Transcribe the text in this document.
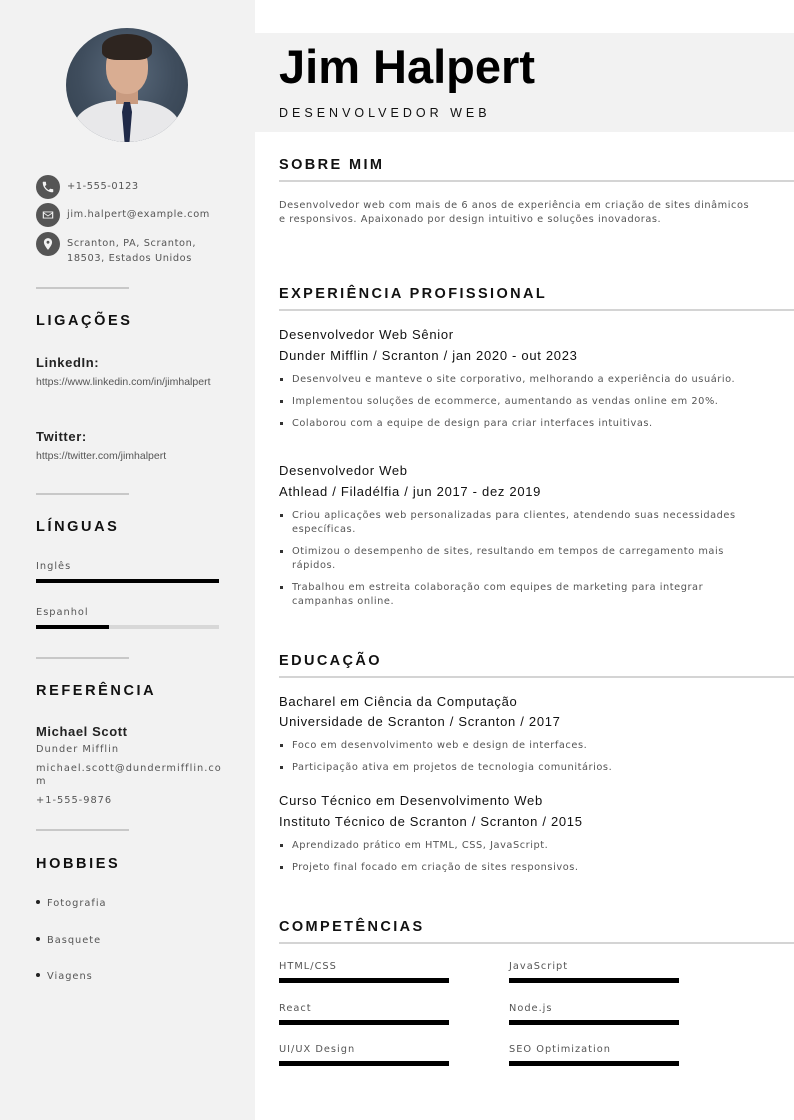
+1-555-0123
jim.halpert@example.com
Scranton, PA, Scranton, 18503, Estados Unidos
LIGAÇÕES
LinkedIn:
https://www.linkedin.com/in/jimhalpert
Twitter:
https://twitter.com/jimhalpert
LÍNGUAS
Inglês
Espanhol
REFERÊNCIA
Michael Scott
Dunder Mifflin
michael.scott@dundermifflin.com
+1-555-9876
HOBBIES
Fotografia
Basquete
Viagens
Jim Halpert
DESENVOLVEDOR WEB
SOBRE MIM

Desenvolvedor web com mais de 6 anos de experiência em criação de sites dinâmicos e responsivos. Apaixonado por design intuitivo e soluções inovadoras.

EXPERIÊNCIA PROFISSIONAL
Desenvolvedor Web Sênior
Dunder Mifflin / Scranton / jan 2020 - out 2023
Desenvolveu e manteve o site corporativo, melhorando a experiência do usuário.
Implementou soluções de ecommerce, aumentando as vendas online em 20%.
Colaborou com a equipe de design para criar interfaces intuitivas.
Desenvolvedor Web
Athlead / Filadélfia / jun 2017 - dez 2019
Criou aplicações web personalizadas para clientes, atendendo suas necessidades específicas.
Otimizou o desempenho de sites, resultando em tempos de carregamento mais rápidos.
Trabalhou em estreita colaboração com equipes de marketing para integrar campanhas online.
EDUCAÇÃO
Bacharel em Ciência da Computação
Universidade de Scranton / Scranton / 2017
Foco em desenvolvimento web e design de interfaces.
Participação ativa em projetos de tecnologia comunitários.
Curso Técnico em Desenvolvimento Web
Instituto Técnico de Scranton / Scranton / 2015
Aprendizado prático em HTML, CSS, JavaScript.
Projeto final focado em criação de sites responsivos.
COMPETÊNCIAS
HTML/CSS	JavaScript
React	Node.js
UI/UX Design	SEO Optimization
